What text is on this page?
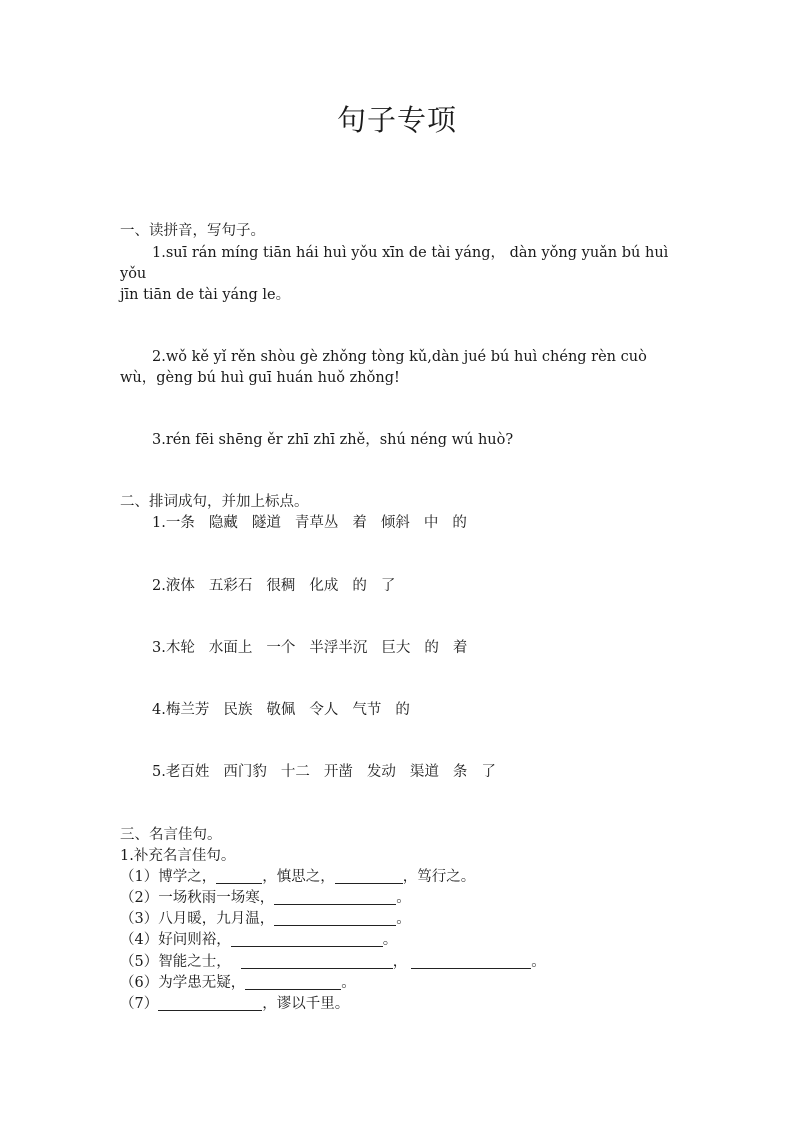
句子专项
一、读拼音，写句子。
1.suī rán míng tiān hái huì yǒu xīn de tài yáng， dàn yǒng yuǎn bú huì
yǒu
jīn tiān de tài yáng le。
2.wǒ kě yǐ rěn shòu gè zhǒng tòng kǔ,dàn jué bú huì chéng rèn cuò
wù，gèng bú huì guī huán huǒ zhǒng!
3.rén fēi shēng ěr zhī zhī zhě，shú néng wú huò?
二、排词成句，并加上标点。
1.一条 隐藏 隧道 青草丛 着 倾斜 中 的
2.液体 五彩石 很稠 化成 的 了
3.木轮 水面上 一个 半浮半沉 巨大 的 着
4.梅兰芳 民族 敬佩 令人 气节 的
5.老百姓 西门豹 十二 开凿 发动 渠道 条 了
三、名言佳句。
1.补充名言佳句。
（1）博学之，	，慎思之，	，笃行之。
（2）一场秋雨一场寒，	。
（3）八月暖，九月温，	。
（4）好问则裕，	。
（5）智能之士，	，	。
（6）为学患无疑，	。
（7）	，谬以千里。
